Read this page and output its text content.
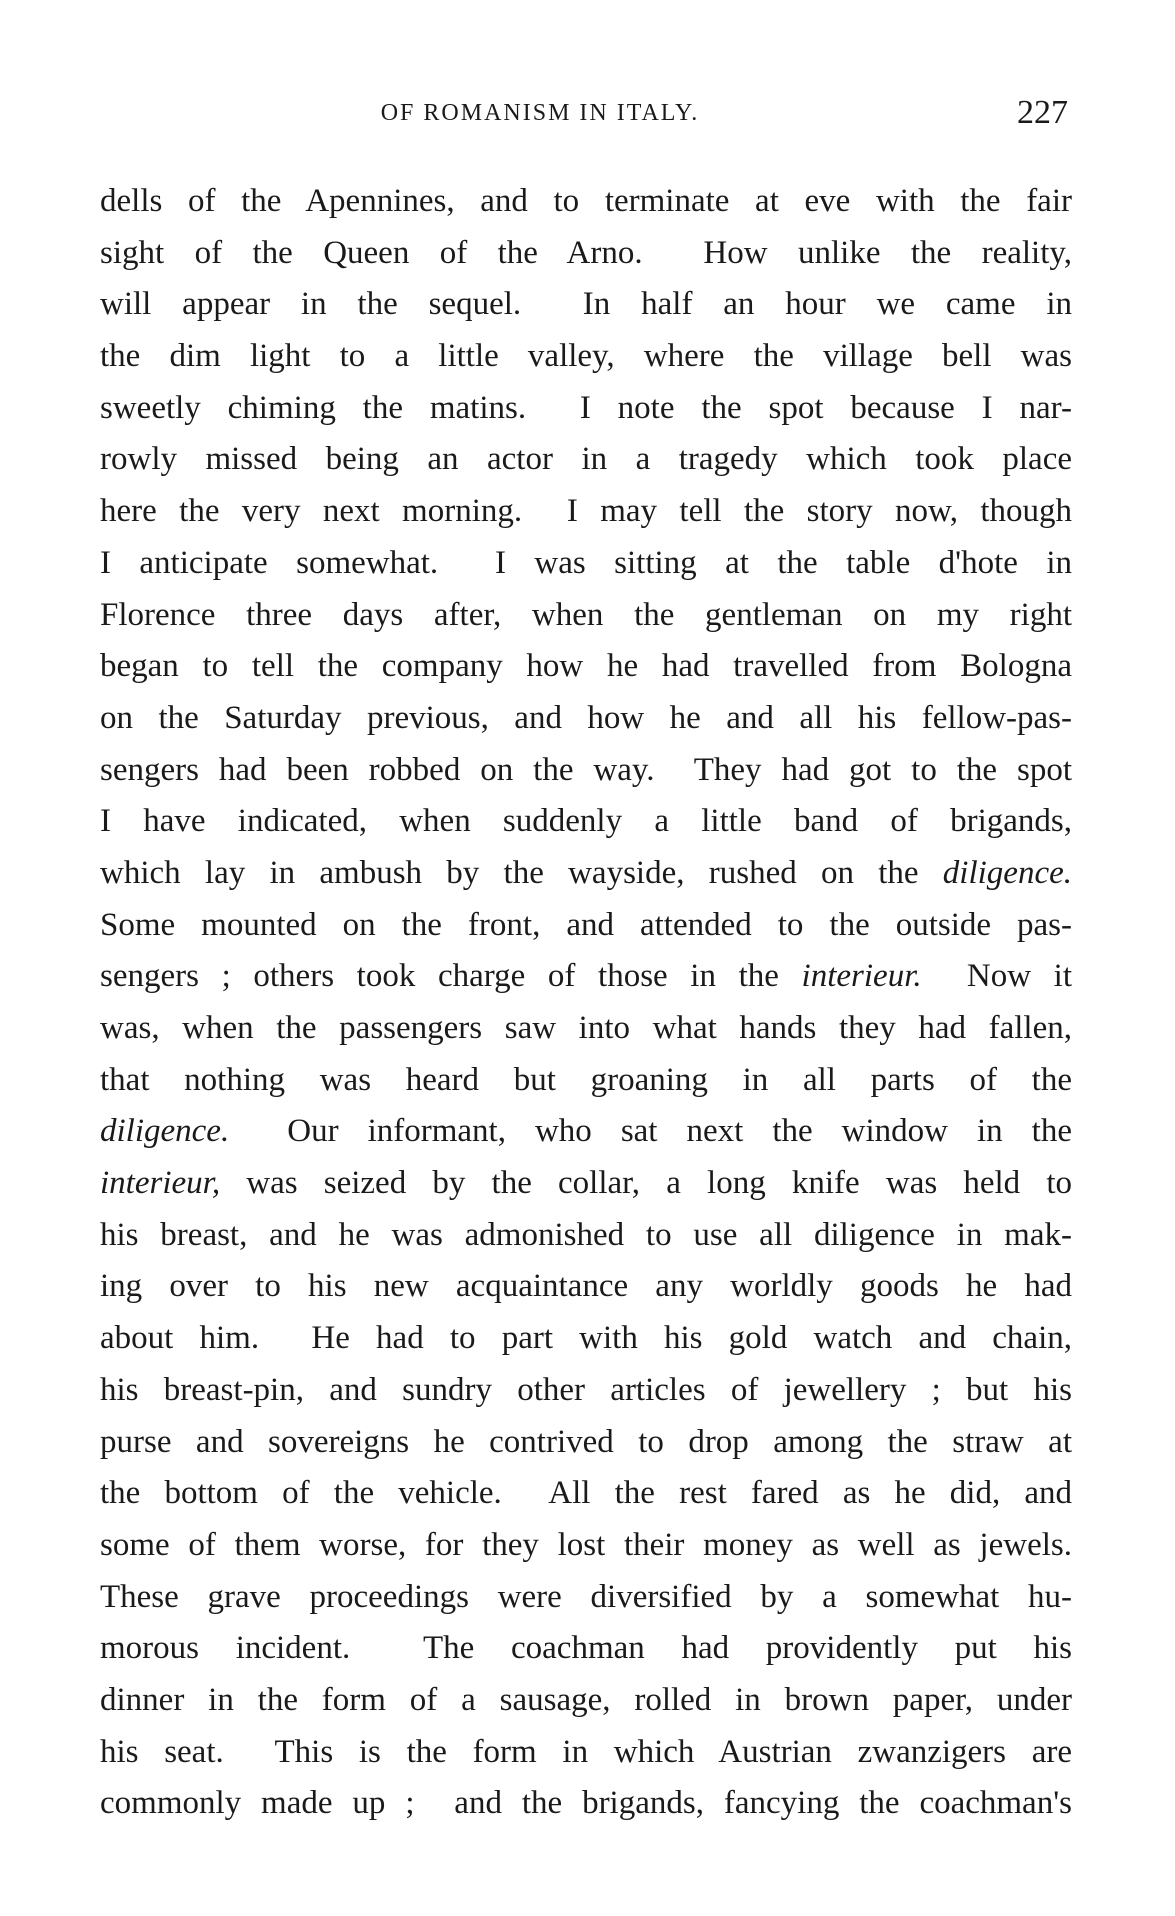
OF ROMANISM IN ITALY.	227
dells of the Apennines, and to terminate at eve with the fair
sight of the Queen of the Arno.  How unlike the reality,
will appear in the sequel.  In half an hour we came in
the dim light to a little valley, where the village bell was
sweetly chiming the matins.  I note the spot because I nar-
rowly missed being an actor in a tragedy which took place
here the very next morning.  I may tell the story now, though
I anticipate somewhat.  I was sitting at the table d'hote in
Florence three days after, when the gentleman on my right
began to tell the company how he had travelled from Bologna
on the Saturday previous, and how he and all his fellow-pas-
sengers had been robbed on the way.  They had got to the spot
I have indicated, when suddenly a little band of brigands,
which lay in ambush by the wayside, rushed on the diligence.
Some mounted on the front, and attended to the outside pas-
sengers ; others took charge of those in the interieur.  Now it
was, when the passengers saw into what hands they had fallen,
that nothing was heard but groaning in all parts of the
diligence.  Our informant, who sat next the window in the
interieur, was seized by the collar, a long knife was held to
his breast, and he was admonished to use all diligence in mak-
ing over to his new acquaintance any worldly goods he had
about him.  He had to part with his gold watch and chain,
his breast-pin, and sundry other articles of jewellery ; but his
purse and sovereigns he contrived to drop among the straw at
the bottom of the vehicle.  All the rest fared as he did, and
some of them worse, for they lost their money as well as jewels.
These grave proceedings were diversified by a somewhat hu-
morous incident.  The coachman had providently put his
dinner in the form of a sausage, rolled in brown paper, under
his seat.  This is the form in which Austrian zwanzigers are
commonly made up ;  and the brigands, fancying the coachman's
